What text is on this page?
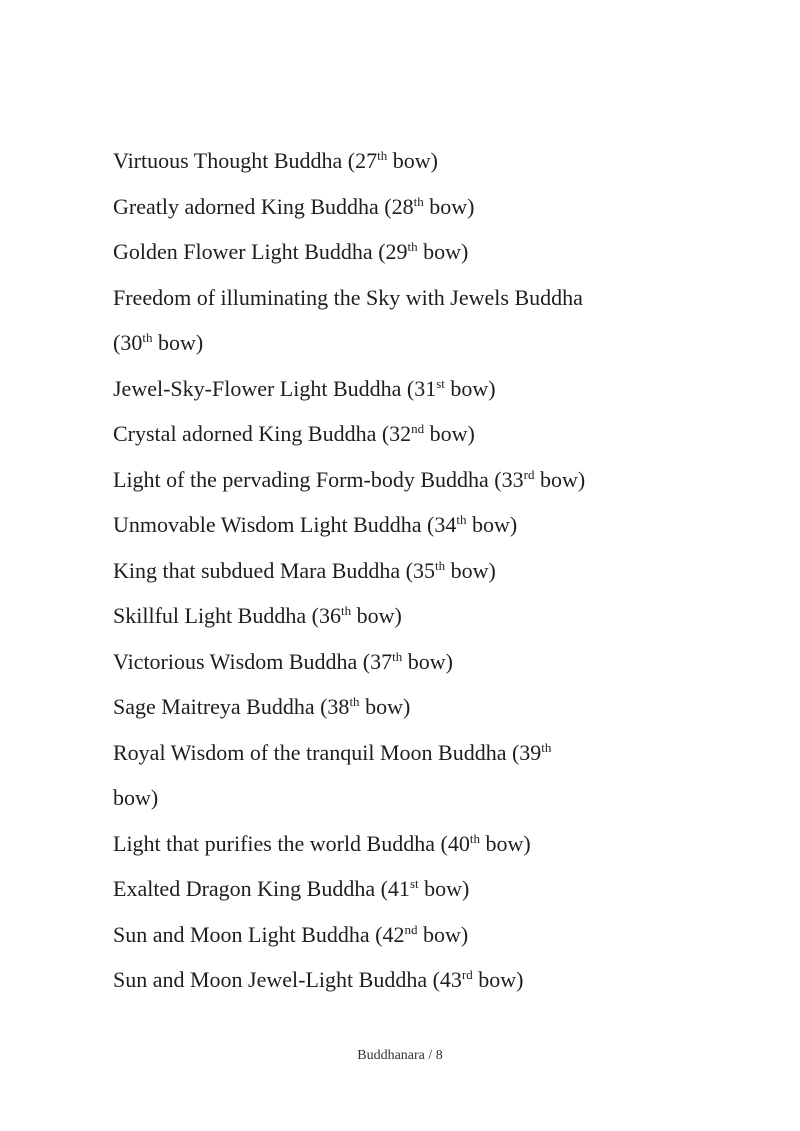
Virtuous Thought Buddha (27th bow)
Greatly adorned King Buddha (28th bow)
Golden Flower Light Buddha (29th bow)
Freedom of illuminating the Sky with Jewels Buddha
(30th bow)
Jewel-Sky-Flower Light Buddha (31st bow)
Crystal adorned King Buddha (32nd bow)
Light of the pervading Form-body Buddha (33rd bow)
Unmovable Wisdom Light Buddha (34th bow)
King that subdued Mara Buddha (35th bow)
Skillful Light Buddha (36th bow)
Victorious Wisdom Buddha (37th bow)
Sage Maitreya Buddha (38th bow)
Royal Wisdom of the tranquil Moon Buddha (39th
bow)
Light that purifies the world Buddha (40th bow)
Exalted Dragon King Buddha (41st bow)
Sun and Moon Light Buddha (42nd bow)
Sun and Moon Jewel-Light Buddha (43rd bow)
Buddhanara / 8
